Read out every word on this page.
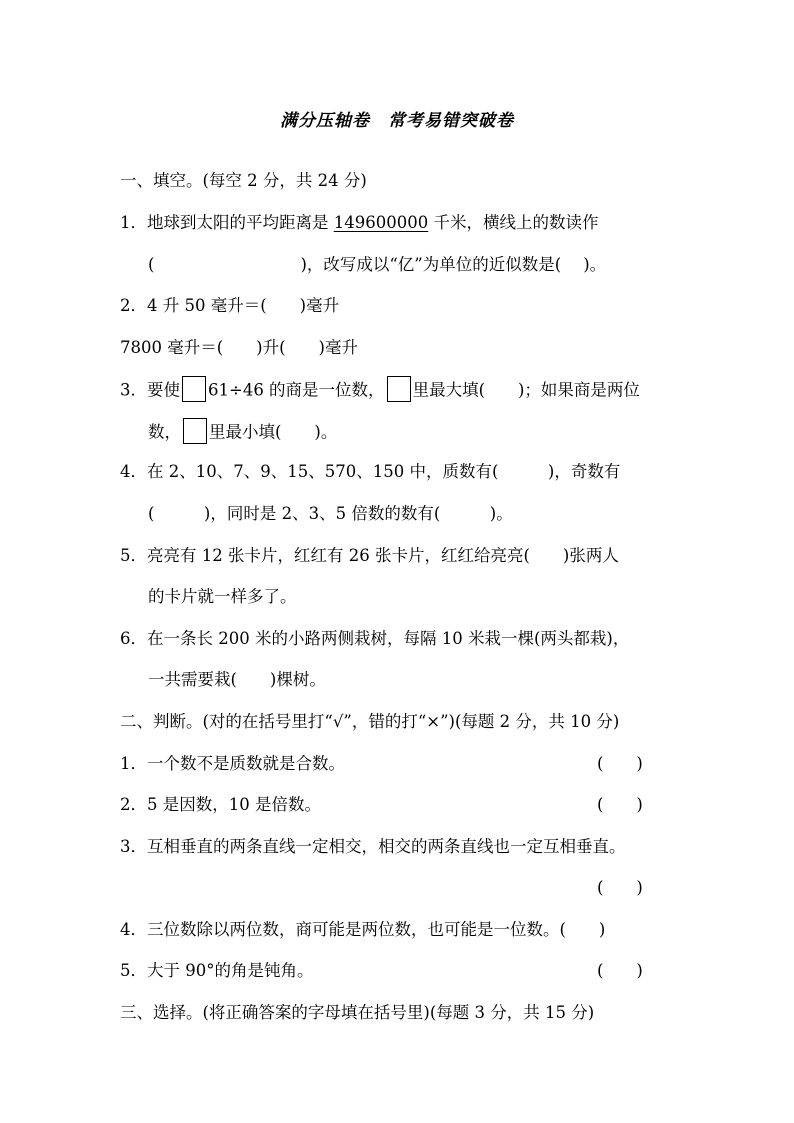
满分压轴卷 常考易错突破卷
一、填空。(每空 2 分，共 24 分)
1．地球到太阳的平均距离是 149600000 千米，横线上的数读作
(	)，改写成以“亿”为单位的近似数是( )。
2．4 升 50 毫升＝(　　)毫升
7800 毫升＝(　　)升(　　)毫升
3．要使 61÷46 的商是一位数， 里最大填(　　)；如果商是两位
数， 里最小填(　　)。
4．在 2、10、7、9、15、570、150 中，质数有(　　　)，奇数有
(　　　)，同时是 2、3、5 倍数的数有(　　　)。
5．亮亮有 12 张卡片，红红有 26 张卡片，红红给亮亮(　　)张两人
的卡片就一样多了。
6．在一条长 200 米的小路两侧栽树，每隔 10 米栽一棵(两头都栽)，
一共需要栽(　　)棵树。
二、判断。(对的在括号里打“√”，错的打“×”)(每题 2 分，共 10 分)
1．一个数不是质数就是合数。	(　　)
2．5 是因数，10 是倍数。	(　　)
3．互相垂直的两条直线一定相交，相交的两条直线也一定互相垂直。
(　　)
4．三位数除以两位数，商可能是两位数，也可能是一位数。(　　)
5．大于 90°的角是钝角。	(　　)
三、选择。(将正确答案的字母填在括号里)(每题 3 分，共 15 分)
